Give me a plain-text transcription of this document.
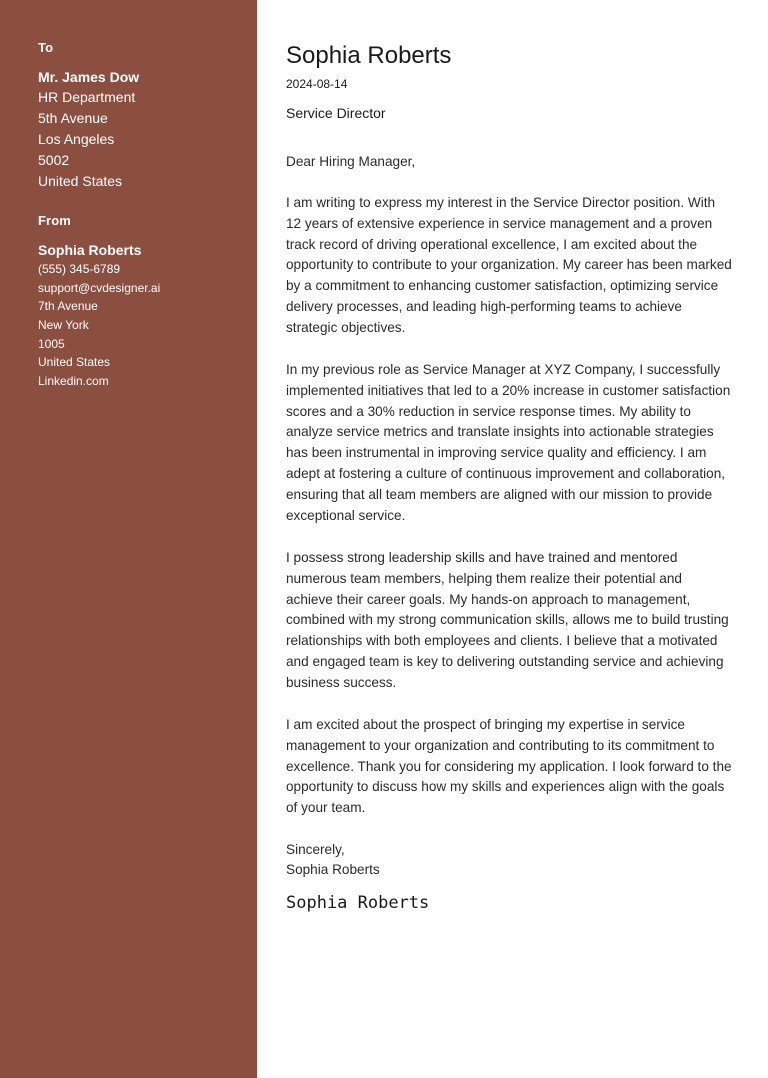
To
Mr. James Dow
HR Department
5th Avenue
Los Angeles
5002
United States
From
Sophia Roberts
(555) 345-6789
support@cvdesigner.ai
7th Avenue
New York
1005
United States
Linkedin.com
Sophia Roberts
2024-08-14
Service Director
Dear Hiring Manager,
I am writing to express my interest in the Service Director position. With 12 years of extensive experience in service management and a proven track record of driving operational excellence, I am excited about the opportunity to contribute to your organization. My career has been marked by a commitment to enhancing customer satisfaction, optimizing service delivery processes, and leading high-performing teams to achieve strategic objectives.
In my previous role as Service Manager at XYZ Company, I successfully implemented initiatives that led to a 20% increase in customer satisfaction scores and a 30% reduction in service response times. My ability to analyze service metrics and translate insights into actionable strategies has been instrumental in improving service quality and efficiency. I am adept at fostering a culture of continuous improvement and collaboration, ensuring that all team members are aligned with our mission to provide exceptional service.
I possess strong leadership skills and have trained and mentored numerous team members, helping them realize their potential and achieve their career goals. My hands-on approach to management, combined with my strong communication skills, allows me to build trusting relationships with both employees and clients. I believe that a motivated and engaged team is key to delivering outstanding service and achieving business success.
I am excited about the prospect of bringing my expertise in service management to your organization and contributing to its commitment to excellence. Thank you for considering my application. I look forward to the opportunity to discuss how my skills and experiences align with the goals of your team.
Sincerely,
Sophia Roberts
Sophia Roberts
